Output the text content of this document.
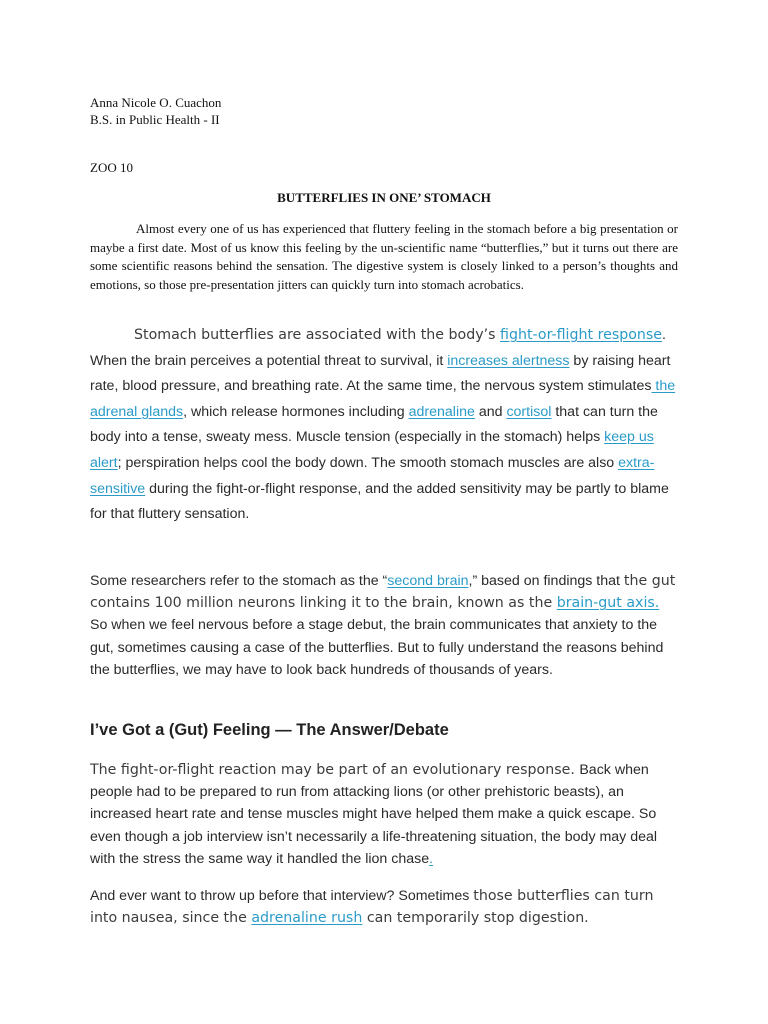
Anna Nicole O. Cuachon
B.S. in Public Health - II
ZOO 10
BUTTERFLIES IN ONE’ STOMACH

Almost every one of us has experienced that fluttery feeling in the stomach before a big presentation or maybe a first date. Most of us know this feeling by the un-scientific name “butterflies,” but it turns out there are some scientific reasons behind the sensation. The digestive system is closely linked to a person’s thoughts and emotions, so those pre-presentation jitters can quickly turn into stomach acrobatics.

Stomach butterflies are associated with the body’s fight-or-flight response. When the brain perceives a potential threat to survival, it increases alertness by raising heart rate, blood pressure, and breathing rate. At the same time, the nervous system stimulates the adrenal glands, which release hormones including adrenaline and cortisol that can turn the body into a tense, sweaty mess. Muscle tension (especially in the stomach) helps keep us alert; perspiration helps cool the body down. The smooth stomach muscles are also extra-sensitive during the fight-or-flight response, and the added sensitivity may be partly to blame for that fluttery sensation.

Some researchers refer to the stomach as the “second brain,” based on findings that the gut contains 100 million neurons linking it to the brain, known as the brain-gut axis. So when we feel nervous before a stage debut, the brain communicates that anxiety to the gut, sometimes causing a case of the butterflies. But to fully understand the reasons behind the butterflies, we may have to look back hundreds of thousands of years.

I’ve Got a (Gut) Feeling — The Answer/Debate

The fight-or-flight reaction may be part of an evolutionary response. Back when people had to be prepared to run from attacking lions (or other prehistoric beasts), an increased heart rate and tense muscles might have helped them make a quick escape. So even though a job interview isn’t necessarily a life-threatening situation, the body may deal with the stress the same way it handled the lion chase.

And ever want to throw up before that interview? Sometimes those butterflies can turn into nausea, since the adrenaline rush can temporarily stop digestion.
